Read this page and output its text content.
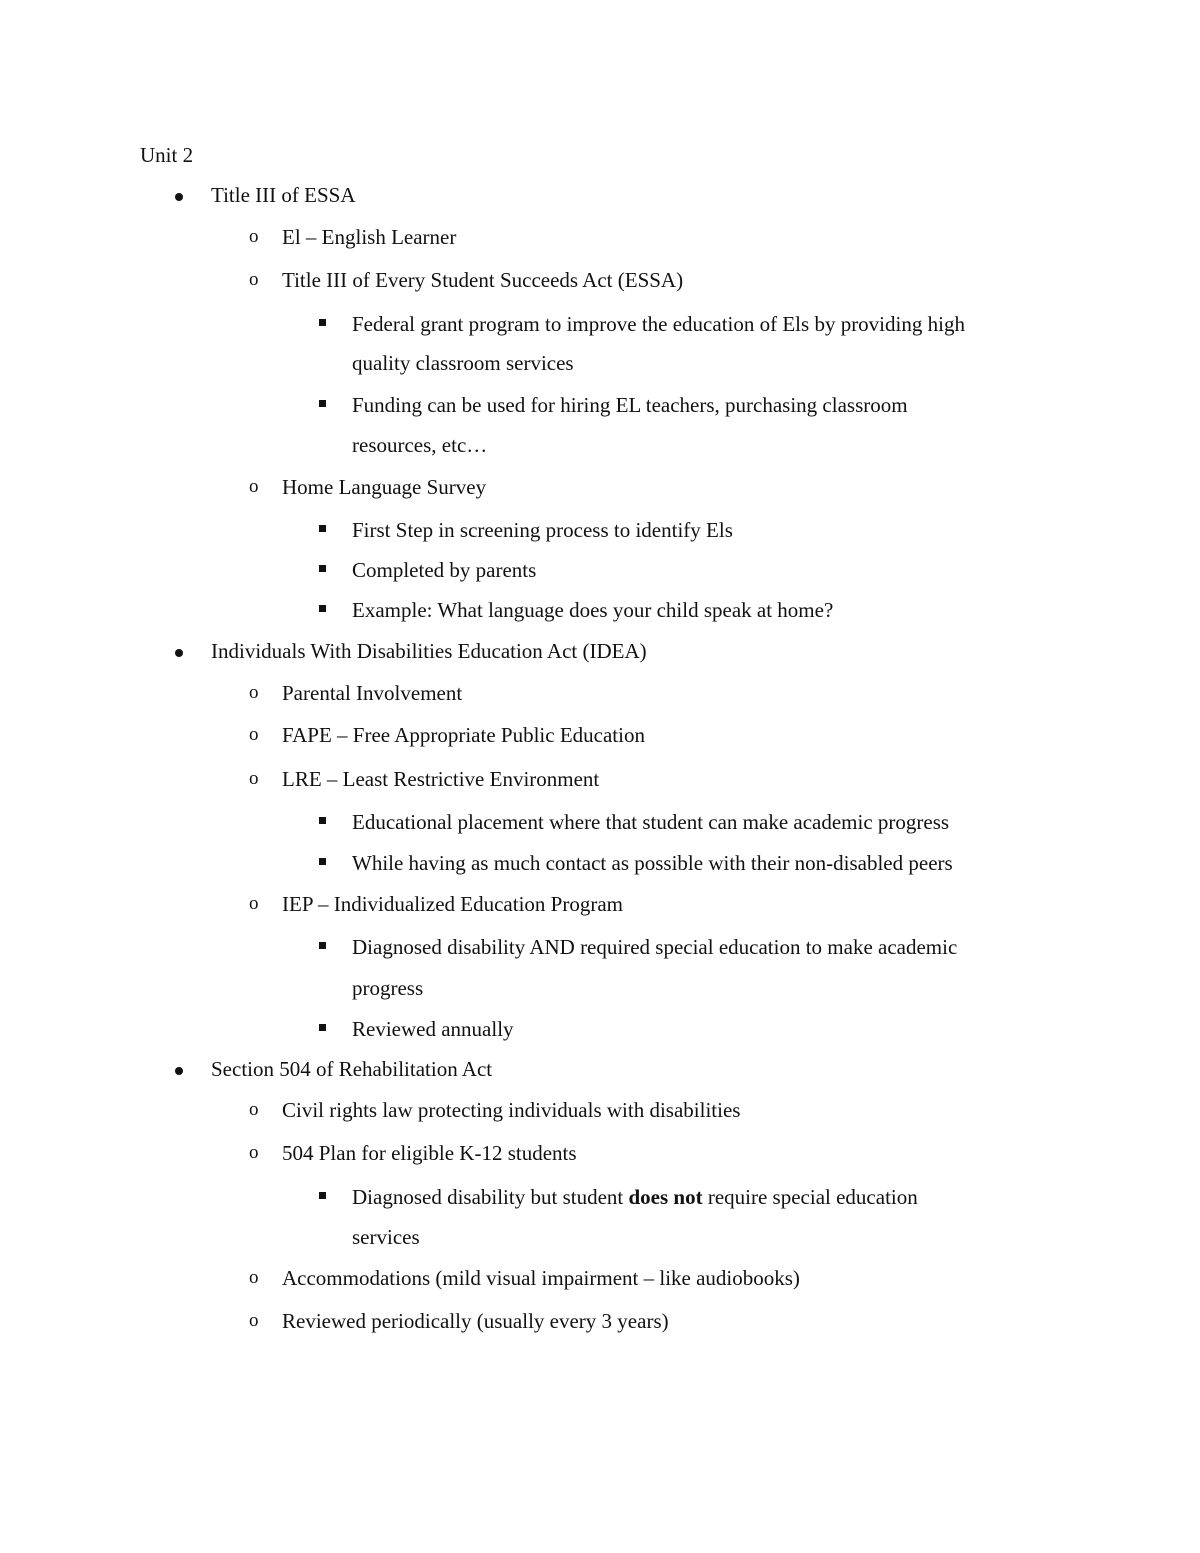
Unit 2
Title III of ESSA
o El – English Learner
o Title III of Every Student Succeeds Act (ESSA)
Federal grant program to improve the education of Els by providing high
quality classroom services
Funding can be used for hiring EL teachers, purchasing classroom
resources, etc…
o Home Language Survey
First Step in screening process to identify Els
Completed by parents
Example: What language does your child speak at home?
Individuals With Disabilities Education Act (IDEA)
o Parental Involvement
o FAPE – Free Appropriate Public Education
o LRE – Least Restrictive Environment
Educational placement where that student can make academic progress
While having as much contact as possible with their non-disabled peers
o IEP – Individualized Education Program
Diagnosed disability AND required special education to make academic
progress
Reviewed annually
Section 504 of Rehabilitation Act
o Civil rights law protecting individuals with disabilities
o 504 Plan for eligible K-12 students
Diagnosed disability but student does not require special education
services
o Accommodations (mild visual impairment – like audiobooks)
o Reviewed periodically (usually every 3 years)
